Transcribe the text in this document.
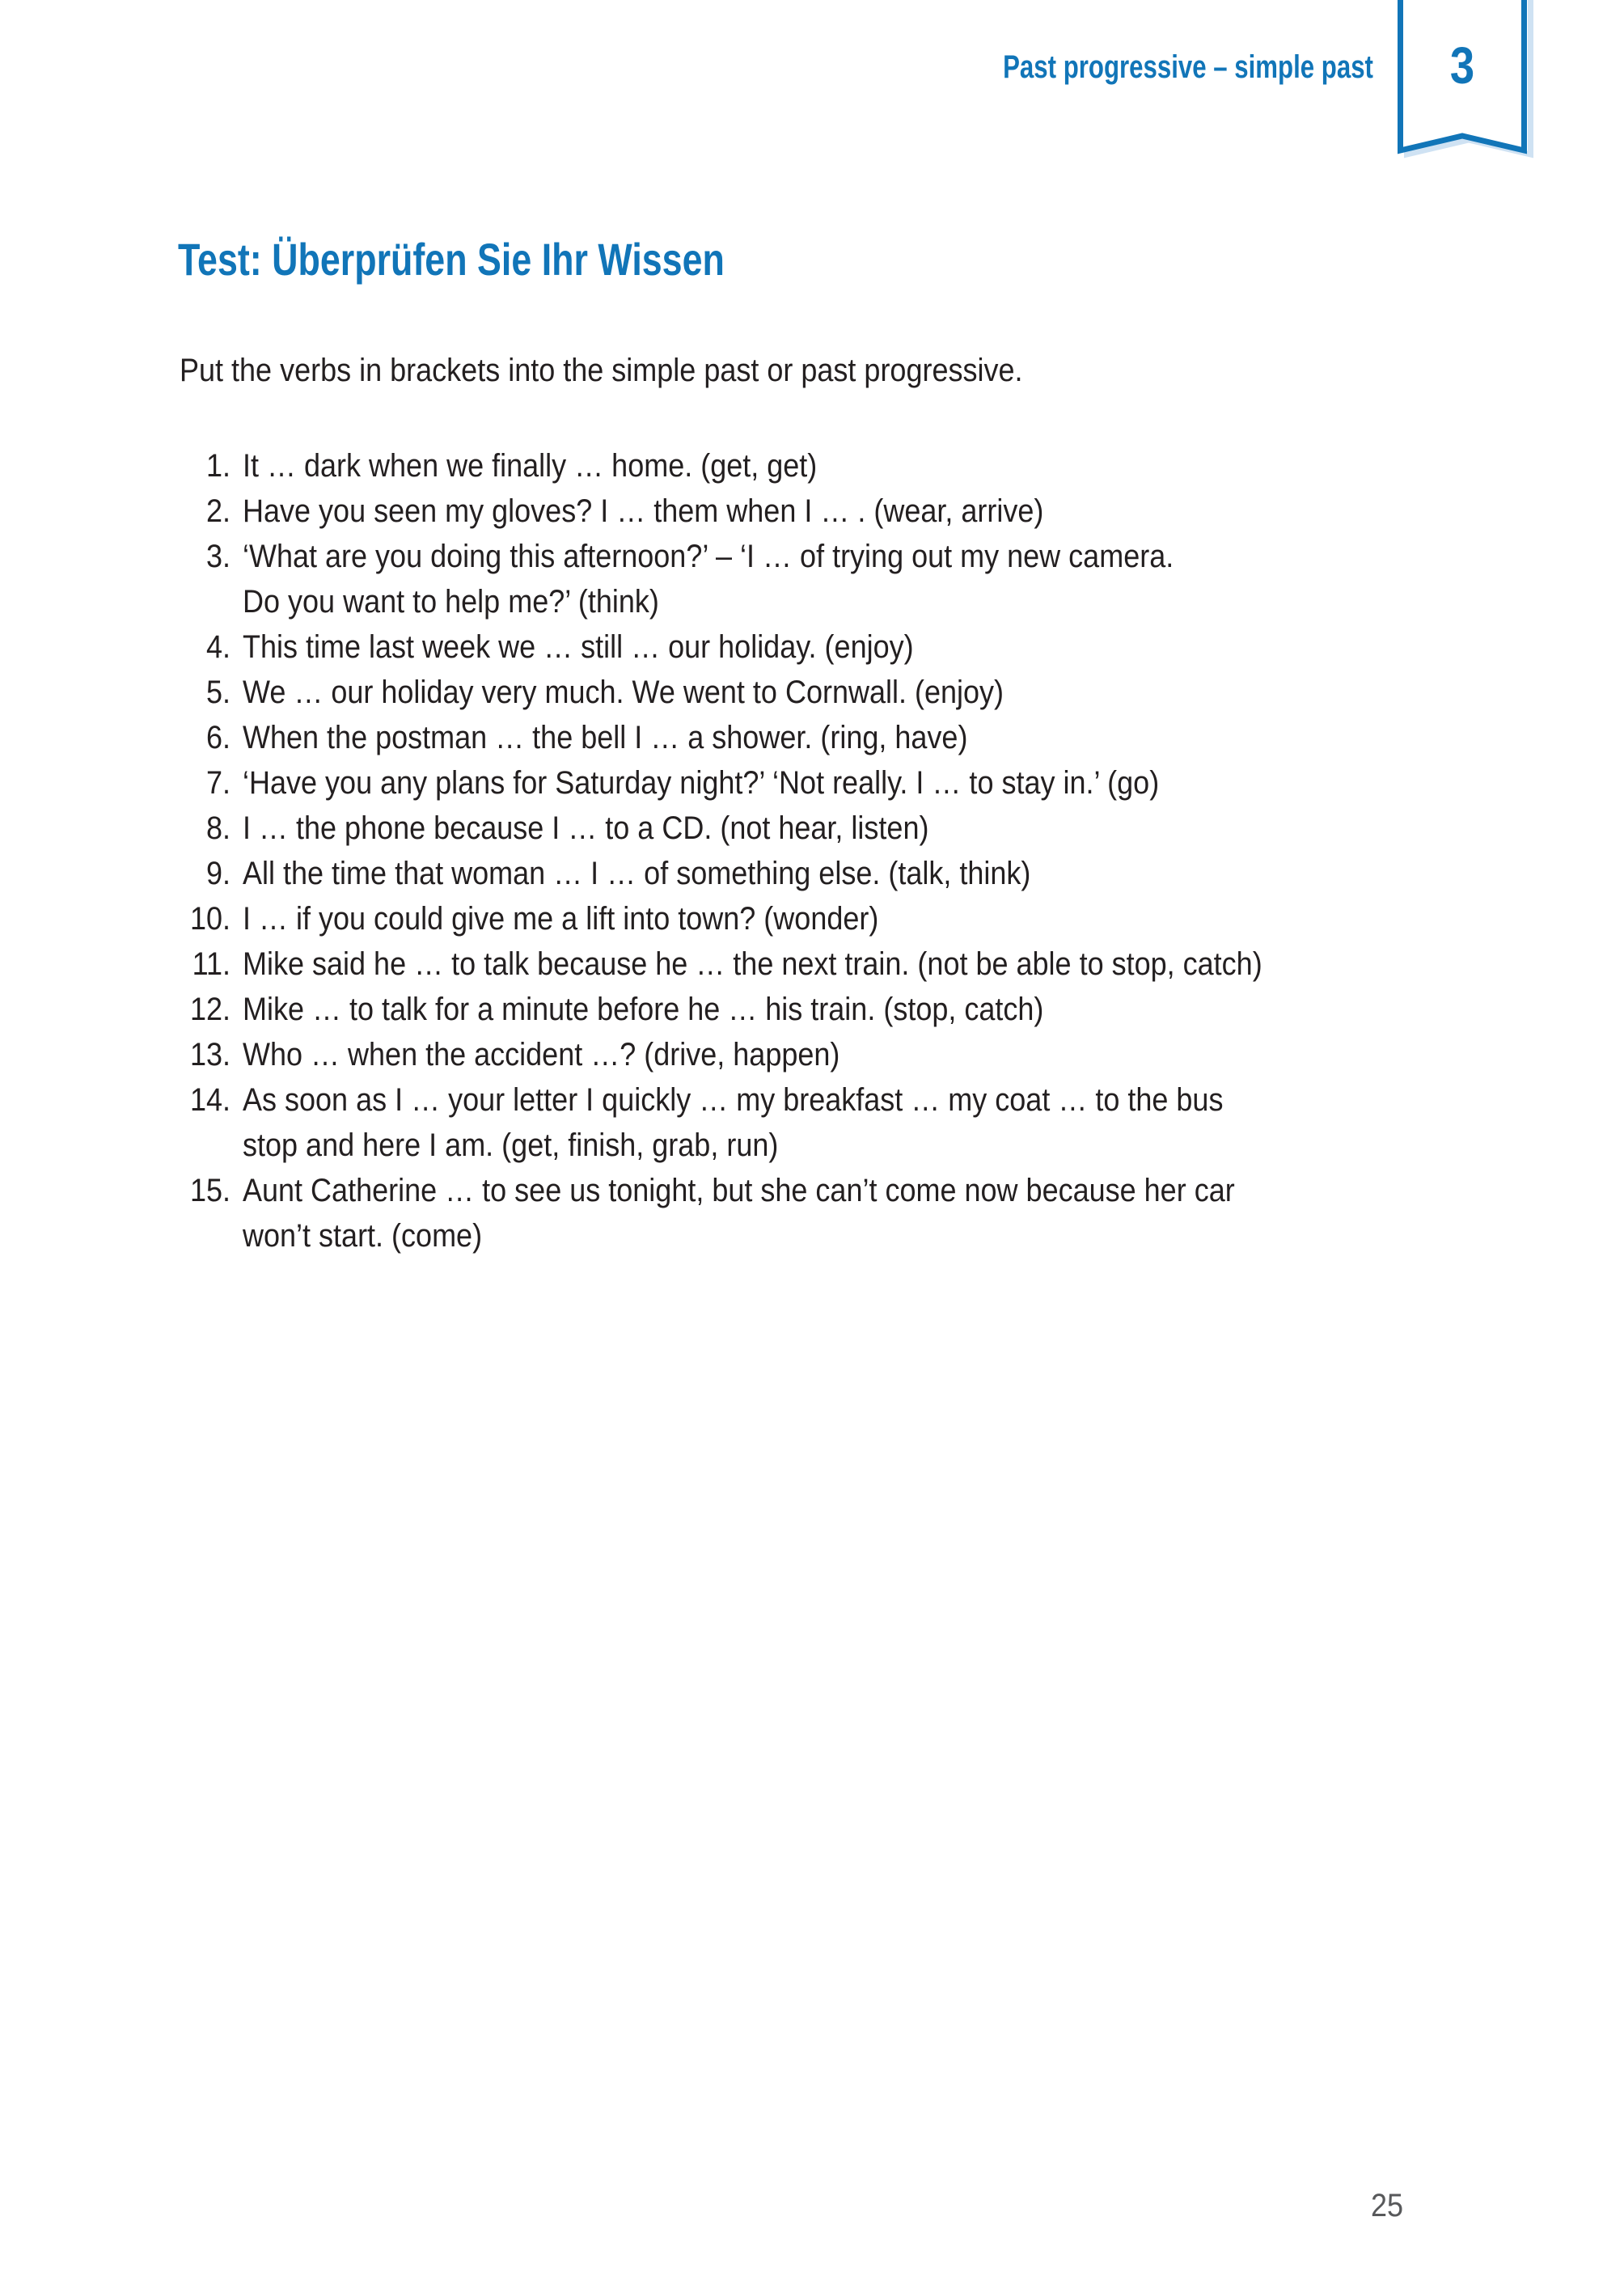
Past progressive – simple past	3
Test: Überprüfen Sie Ihr Wissen

Put the verbs in brackets into the simple past or past progressive.

1. It … dark when we finally … home. (get, get)
2. Have you seen my gloves? I … them when I … . (wear, arrive)
3. ‘What are you doing this afternoon?’ – ‘I … of trying out my new camera.
Do you want to help me?’ (think)
4. This time last week we … still … our holiday. (enjoy)
5. We … our holiday very much. We went to Cornwall. (enjoy)
6. When the postman … the bell I … a shower. (ring, have)
7. ‘Have you any plans for Saturday night?’ ‘Not really. I … to stay in.’ (go)
8. I … the phone because I … to a CD. (not hear, listen)
9. All the time that woman … I … of something else. (talk, think)
10. I … if you could give me a lift into town? (wonder)
11. Mike said he … to talk because he … the next train. (not be able to stop, catch)
12. Mike … to talk for a minute before he … his train. (stop, catch)
13. Who … when the accident …? (drive, happen)
14. As soon as I … your letter I quickly … my breakfast … my coat … to the bus
stop and here I am. (get, finish, grab, run)
15. Aunt Catherine … to see us tonight, but she can’t come now because her car
won’t start. (come)
25
